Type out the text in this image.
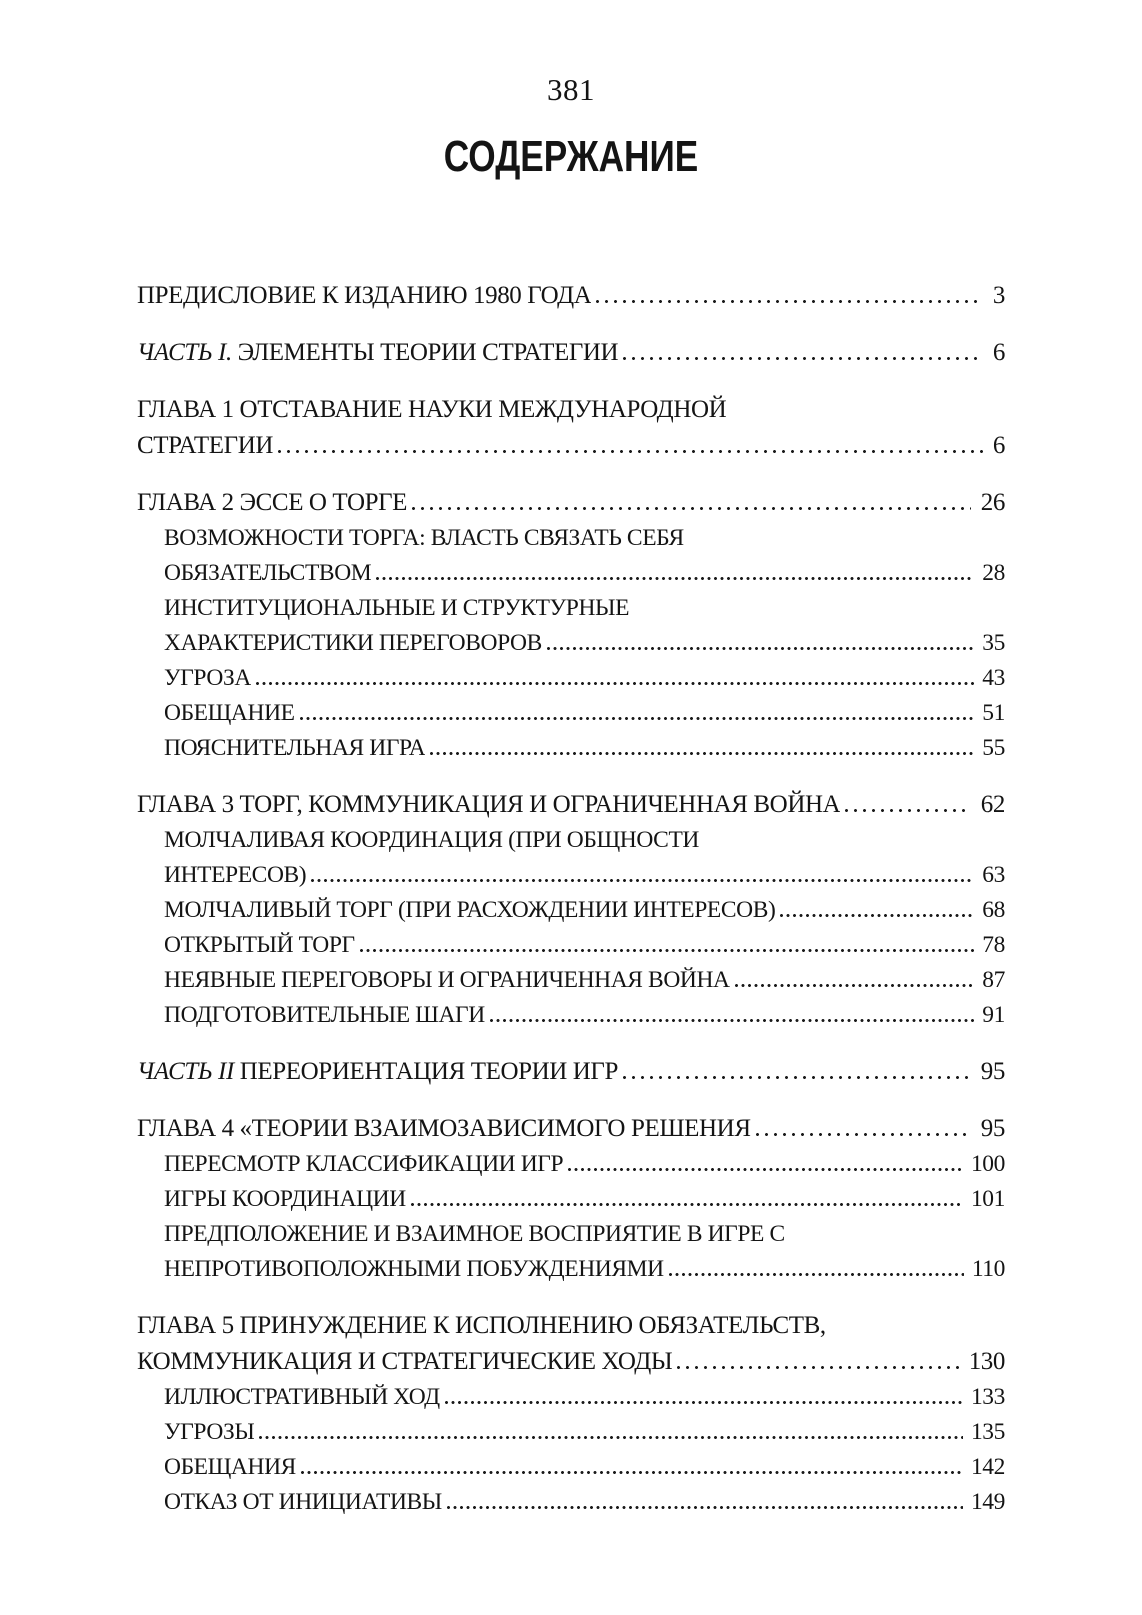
381
СОДЕРЖАНИЕ
ПРЕДИСЛОВИЕ К ИЗДАНИЮ 1980 ГОДА	3
ЧАСТЬ I. ЭЛЕМЕНТЫ ТЕОРИИ СТРАТЕГИИ	6
ГЛАВА 1 ОТСТАВАНИЕ НАУКИ МЕЖДУНАРОДНОЙ
СТРАТЕГИИ	6
ГЛАВА 2 ЭССЕ О ТОРГЕ	26
ВОЗМОЖНОСТИ ТОРГА: ВЛАСТЬ СВЯЗАТЬ СЕБЯ
ОБЯЗАТЕЛЬСТВОМ	28
ИНСТИТУЦИОНАЛЬНЫЕ И СТРУКТУРНЫЕ
ХАРАКТЕРИСТИКИ ПЕРЕГОВОРОВ	35
УГРОЗА	43
ОБЕЩАНИЕ	51
ПОЯСНИТЕЛЬНАЯ ИГРА	55
ГЛАВА 3 ТОРГ, КОММУНИКАЦИЯ И ОГРАНИЧЕННАЯ ВОЙНА	62
МОЛЧАЛИВАЯ КООРДИНАЦИЯ (ПРИ ОБЩНОСТИ
ИНТЕРЕСОВ)	63
МОЛЧАЛИВЫЙ ТОРГ (ПРИ РАСХОЖДЕНИИ ИНТЕРЕСОВ)	68
ОТКРЫТЫЙ ТОРГ	78
НЕЯВНЫЕ ПЕРЕГОВОРЫ И ОГРАНИЧЕННАЯ ВОЙНА	87
ПОДГОТОВИТЕЛЬНЫЕ ШАГИ	91
ЧАСТЬ II ПЕРЕОРИЕНТАЦИЯ ТЕОРИИ ИГР	95
ГЛАВА 4 «ТЕОРИИ ВЗАИМОЗАВИСИМОГО РЕШЕНИЯ	95
ПЕРЕСМОТР КЛАССИФИКАЦИИ ИГР	100
ИГРЫ КООРДИНАЦИИ	101
ПРЕДПОЛОЖЕНИЕ И ВЗАИМНОЕ ВОСПРИЯТИЕ В ИГРЕ С
НЕПРОТИВОПОЛОЖНЫМИ ПОБУЖДЕНИЯМИ	110
ГЛАВА 5 ПРИНУЖДЕНИЕ К ИСПОЛНЕНИЮ ОБЯЗАТЕЛЬСТВ,
КОММУНИКАЦИЯ И СТРАТЕГИЧЕСКИЕ ХОДЫ	130
ИЛЛЮСТРАТИВНЫЙ ХОД	133
УГРОЗЫ	135
ОБЕЩАНИЯ	142
ОТКАЗ ОТ ИНИЦИАТИВЫ	149
